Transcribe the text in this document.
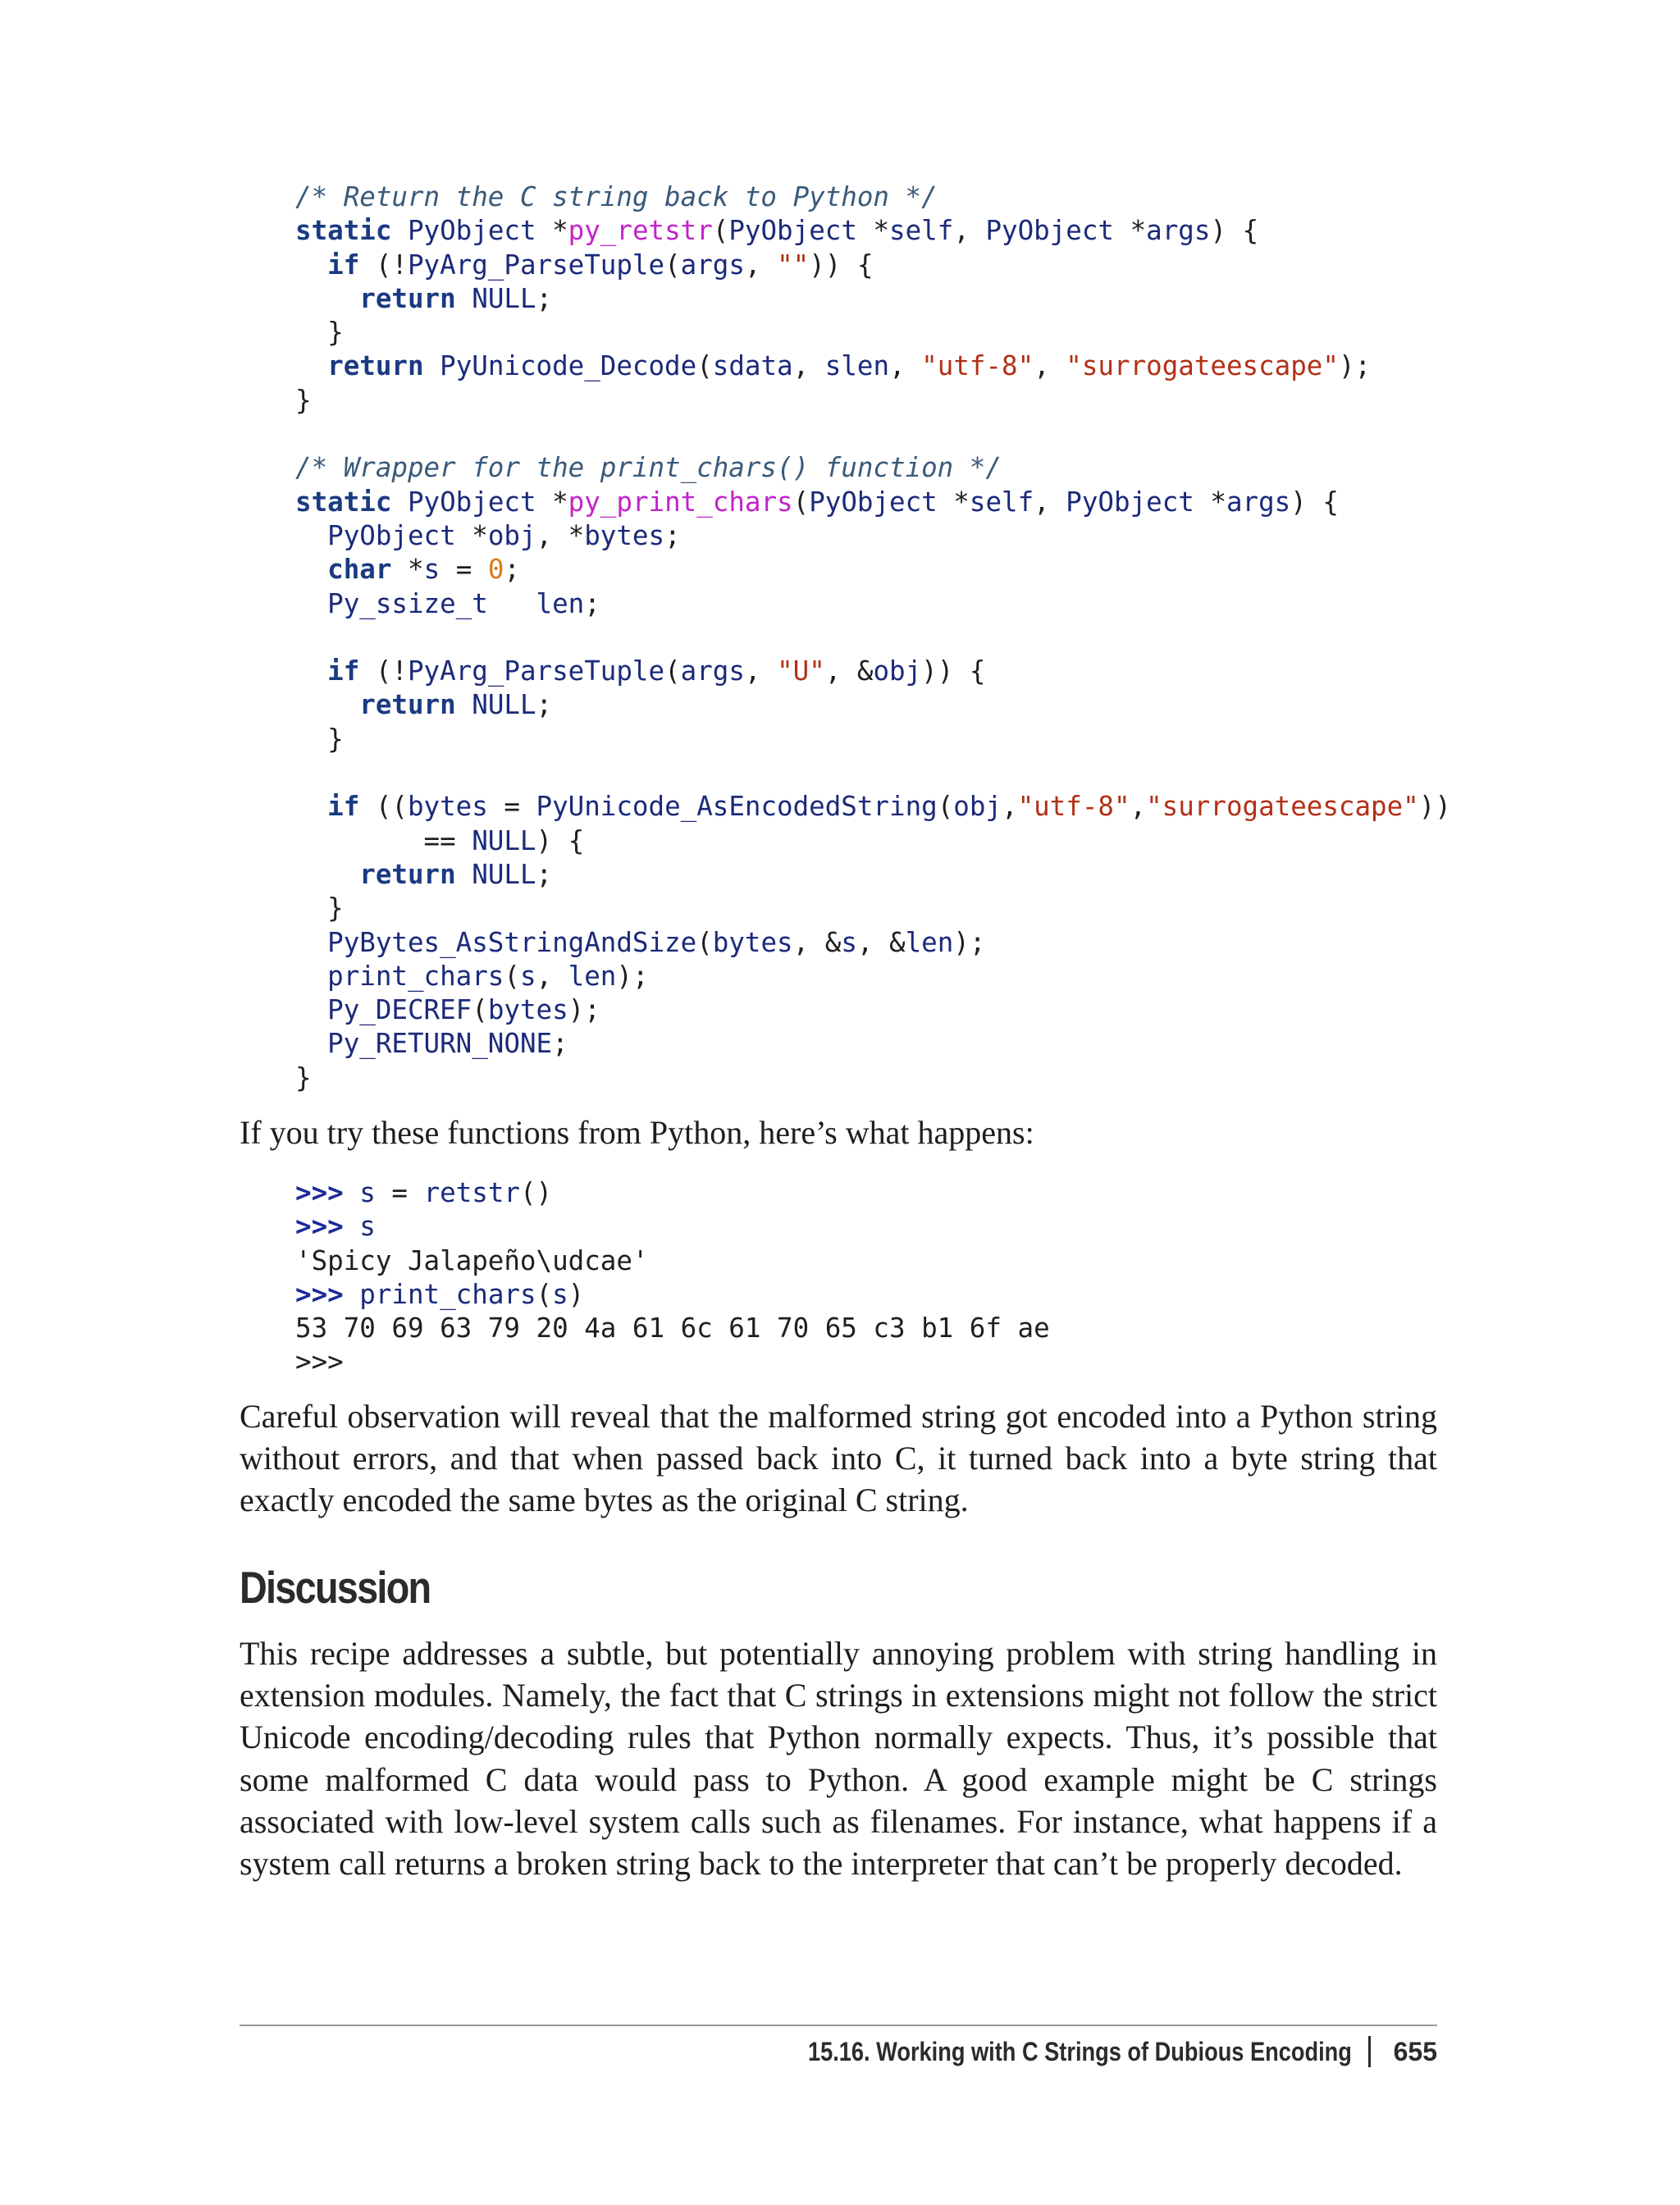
/* Return the C string back to Python */
static PyObject *py_retstr(PyObject *self, PyObject *args) {
if (!PyArg_ParseTuple(args, "")) {
return NULL;
}
return PyUnicode_Decode(sdata, slen, "utf-8", "surrogateescape");
}

/* Wrapper for the print_chars() function */
static PyObject *py_print_chars(PyObject *self, PyObject *args) {
PyObject *obj, *bytes;
char *s = 0;
Py_ssize_t len;

if (!PyArg_ParseTuple(args, "U", &obj)) {
return NULL;
}

if ((bytes = PyUnicode_AsEncodedString(obj,"utf-8","surrogateescape"))
== NULL) {
return NULL;
}
PyBytes_AsStringAndSize(bytes, &s, &len);
print_chars(s, len);
Py_DECREF(bytes);
Py_RETURN_NONE;
}

If you try these functions from Python, here’s what happens:

>>> s = retstr()
>>> s
'Spicy Jalapeño\udcae'
>>> print_chars(s)
53 70 69 63 79 20 4a 61 6c 61 70 65 c3 b1 6f ae
>>>

Careful observation will reveal that the malformed string got encoded into a Python string without errors, and that when passed back into C, it turned back into a byte string that exactly encoded the same bytes as the original C string.

Discussion

This recipe addresses a subtle, but potentially annoying problem with string handling in extension modules. Namely, the fact that C strings in extensions might not follow the strict Unicode encoding/decoding rules that Python normally expects. Thus, it’s possible that some malformed C data would pass to Python. A good example might be C strings associated with low-level system calls such as filenames. For instance, what happens if a system call returns a broken string back to the interpreter that can’t be properly decoded.

15.16. Working with C Strings of Dubious Encoding 655
